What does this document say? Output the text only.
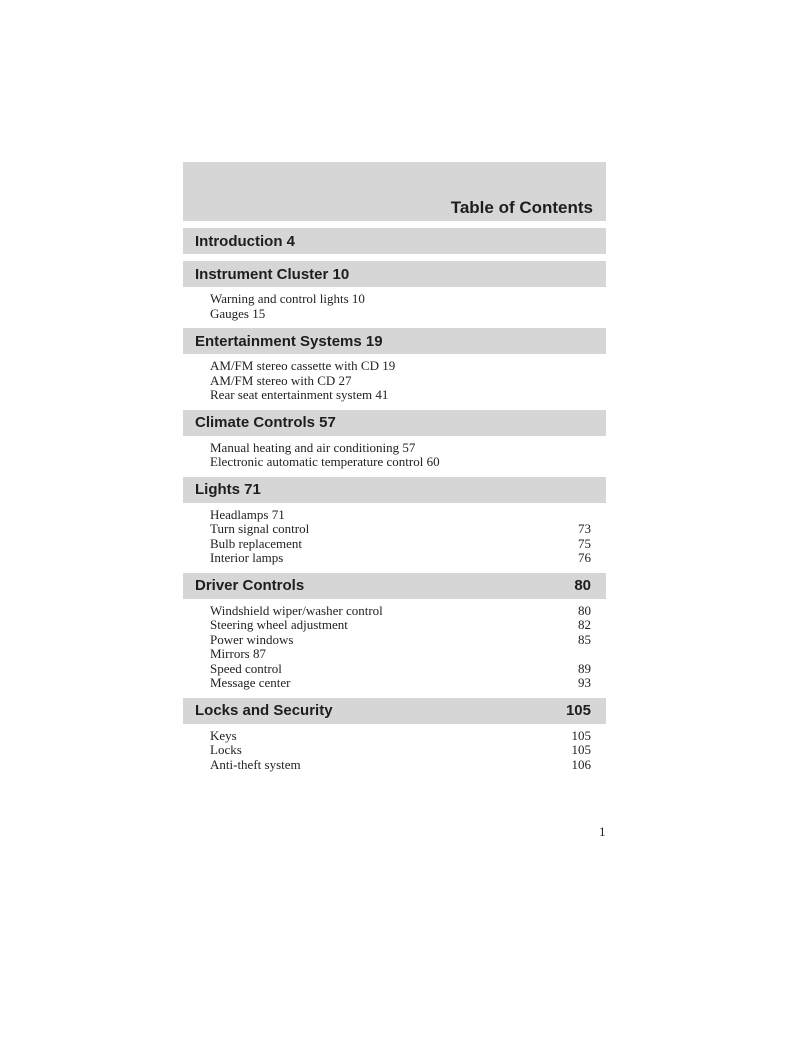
Table of Contents
Introduction 4
Instrument Cluster 10
Warning and control lights 10
Gauges 15
Entertainment Systems 19
AM/FM stereo cassette with CD 19
AM/FM stereo with CD 27
Rear seat entertainment system 41
Climate Controls 57
Manual heating and air conditioning 57
Electronic automatic temperature control 60
Lights 71
Headlamps 71
Turn signal control	73
Bulb replacement	75
Interior lamps	76
Driver Controls	80
Windshield wiper/washer control	80
Steering wheel adjustment	82
Power windows	85
Mirrors 87
Speed control	89
Message center	93
Locks and Security	105
Keys	105
Locks	105
Anti-theft system	106
1
